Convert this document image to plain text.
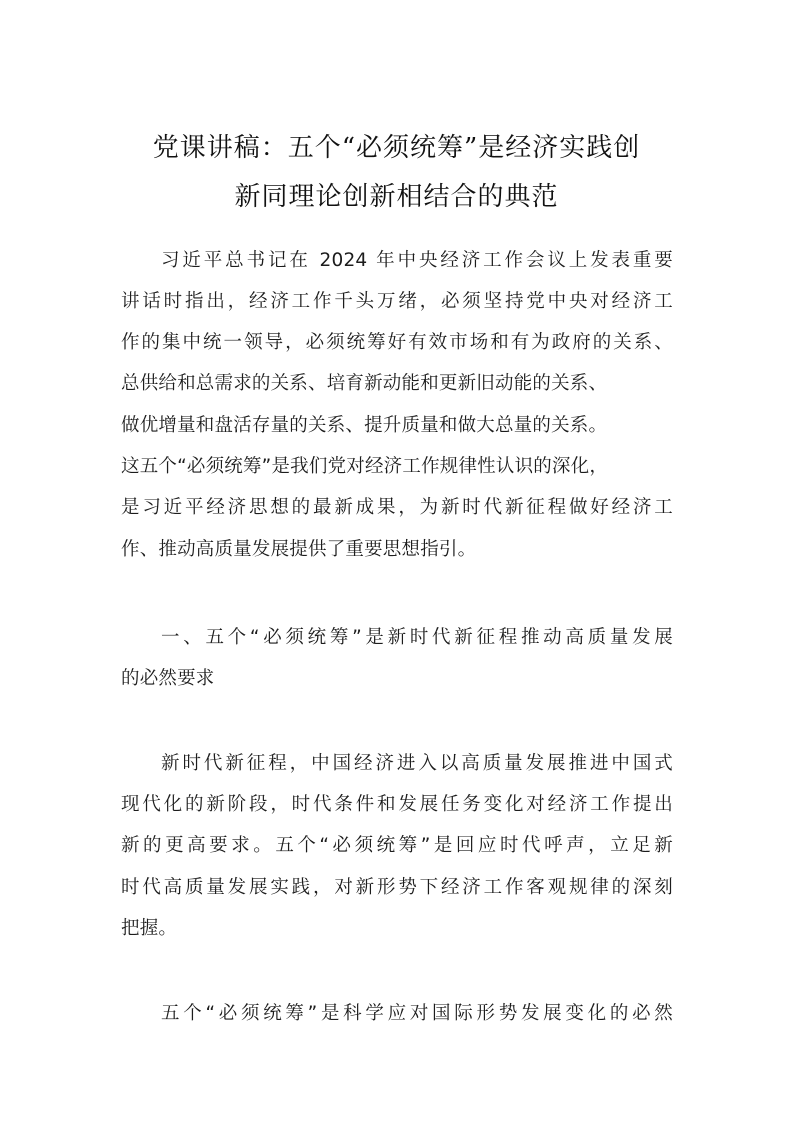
党课讲稿：五个“必须统筹”是经济实践创
新同理论创新相结合的典范
习近平总书记在 2024 年中央经济工作会议上发表重要
讲话时指出，经济工作千头万绪，必须坚持党中央对经济工
作的集中统一领导，必须统筹好有效市场和有为政府的关系、
总供给和总需求的关系、培育新动能和更新旧动能的关系、
做优增量和盘活存量的关系、提升质量和做大总量的关系。
这五个“必须统筹”是我们党对经济工作规律性认识的深化，
是习近平经济思想的最新成果，为新时代新征程做好经济工
作、推动高质量发展提供了重要思想指引。
一、五个“必须统筹”是新时代新征程推动高质量发展
的必然要求
新时代新征程，中国经济进入以高质量发展推进中国式
现代化的新阶段，时代条件和发展任务变化对经济工作提出
新的更高要求。五个“必须统筹”是回应时代呼声，立足新
时代高质量发展实践，对新形势下经济工作客观规律的深刻
把握。
五个“必须统筹”是科学应对国际形势发展变化的必然
